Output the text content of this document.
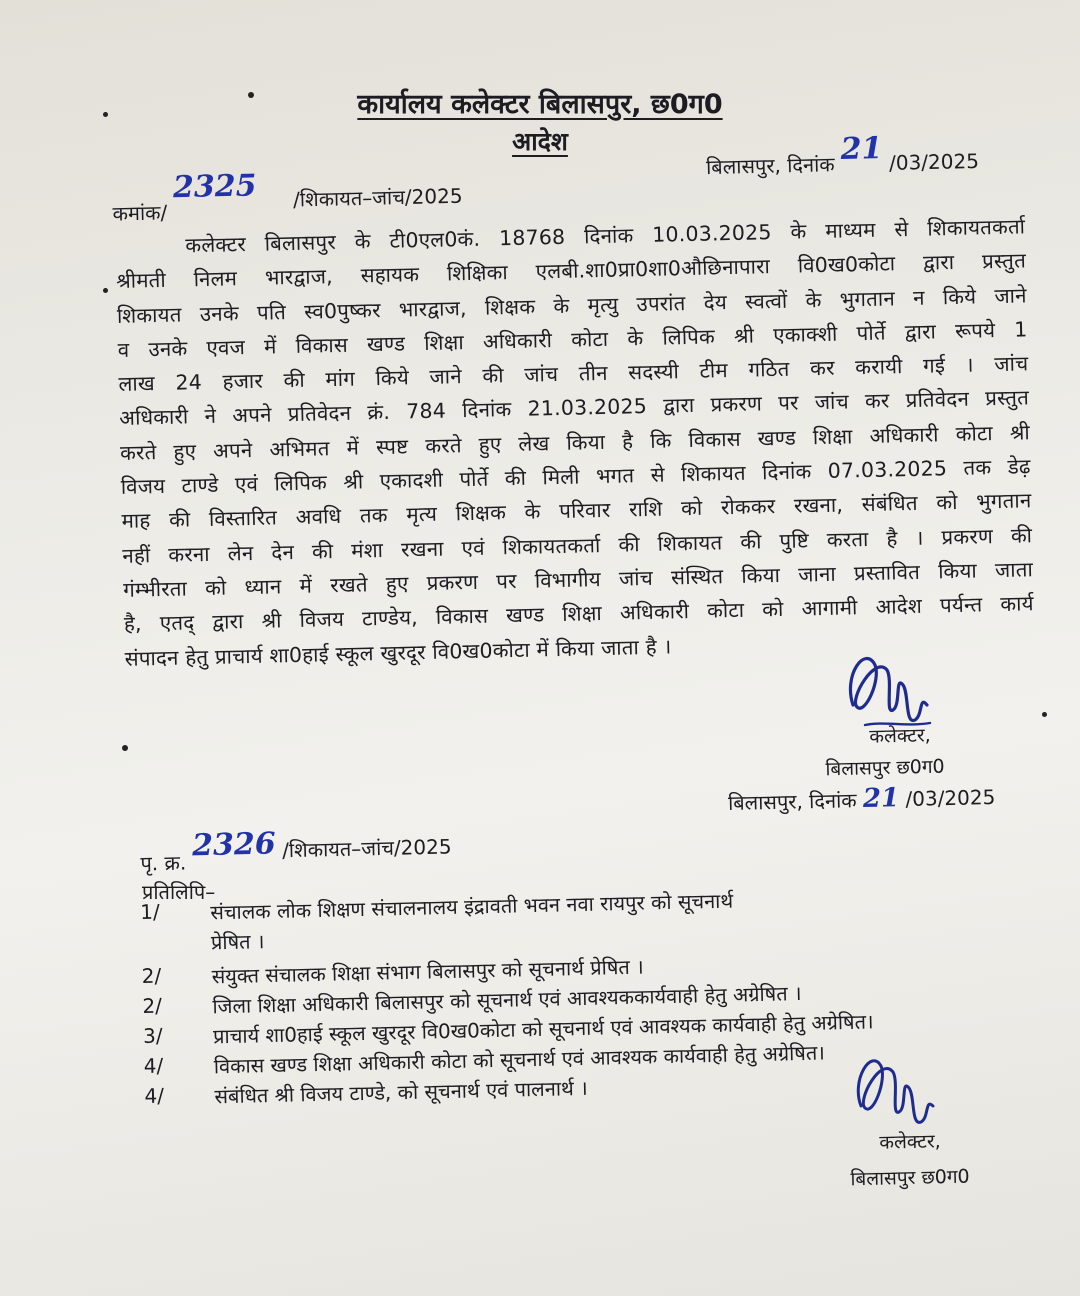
कार्यालय कलेक्टर बिलासपुर, छ0ग0
आदेश
बिलासपुर, दिनांक 21 /03/2025
कमांक/ 2325 /शिकायत–जांच/2025
कलेक्टर बिलासपुर के टी0एल0कं. 18768 दिनांक 10.03.2025 के माध्यम से शिकायतकर्ता
श्रीमती निलम भारद्वाज, सहायक शिक्षिका एलबी.शा0प्रा0शा0औछिनापारा वि0ख0कोटा द्वारा प्रस्तुत
शिकायत उनके पति स्व0पुष्कर भारद्वाज, शिक्षक के मृत्यु उपरांत देय स्वत्वों के भुगतान न किये जाने
व उनके एवज में विकास खण्ड शिक्षा अधिकारी कोटा के लिपिक श्री एकाक्शी पोर्ते द्वारा रूपये 1
लाख 24 हजार की मांग किये जाने की जांच तीन सदस्यी टीम गठित कर करायी गई । जांच
अधिकारी ने अपने प्रतिवेदन क्रं. 784 दिनांक 21.03.2025 द्वारा प्रकरण पर जांच कर प्रतिवेदन प्रस्तुत
करते हुए अपने अभिमत में स्पष्ट करते हुए लेख किया है कि विकास खण्ड शिक्षा अधिकारी कोटा श्री
विजय टाण्डे एवं लिपिक श्री एकादशी पोर्ते की मिली भगत से शिकायत दिनांक 07.03.2025 तक डेढ़
माह की विस्तारित अवधि तक मृत्य शिक्षक के परिवार राशि को रोककर रखना, संबंधित को भुगतान
नहीं करना लेन देन की मंशा रखना एवं शिकायतकर्ता की शिकायत की पुष्टि करता है । प्रकरण की
गंम्भीरता को ध्यान में रखते हुए प्रकरण पर विभागीय जांच संस्थित किया जाना प्रस्तावित किया जाता
है, एतद् द्वारा श्री विजय टाण्डेय, विकास खण्ड शिक्षा अधिकारी कोटा को आगामी आदेश पर्यन्त कार्य
संपादन हेतु प्राचार्य शा0हाई स्कूल खुरदूर वि0ख0कोटा में किया जाता है ।
कलेक्टर,
बिलासपुर छ0ग0
बिलासपुर, दिनांक 21 /03/2025
पृ. क्र. 2326 /शिकायत–जांच/2025
प्रतिलिपि–
1/	संचालक लोक शिक्षण संचालनालय इंद्रावती भवन नवा रायपुर को सूचनार्थ
प्रेषित ।
2/	संयुक्त संचालक शिक्षा संभाग बिलासपुर को सूचनार्थ प्रेषित ।
2/	जिला शिक्षा अधिकारी बिलासपुर को सूचनार्थ एवं आवश्यककार्यवाही हेतु अग्रेषित ।
3/	प्राचार्य शा0हाई स्कूल खुरदूर वि0ख0कोटा को सूचनार्थ एवं आवश्यक कार्यवाही हेतु अग्रेषित।
4/	विकास खण्ड शिक्षा अधिकारी कोटा को सूचनार्थ एवं आवश्यक कार्यवाही हेतु अग्रेषित।
4/	संबंधित श्री विजय टाण्डे, को सूचनार्थ एवं पालनार्थ ।
कलेक्टर,
बिलासपुर छ0ग0
